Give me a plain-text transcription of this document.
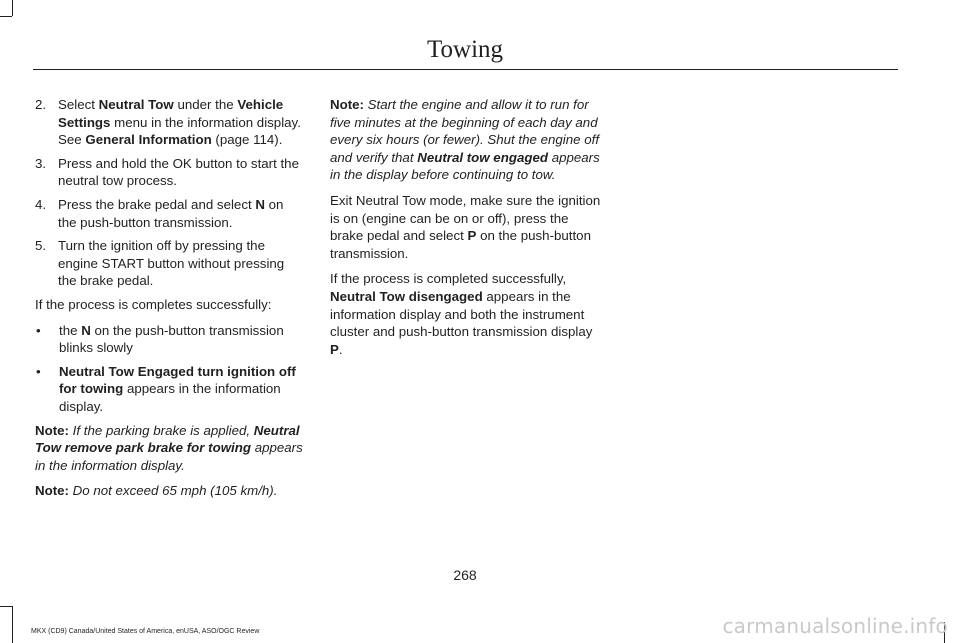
Towing
2. Select Neutral Tow under the Vehicle Settings menu in the information display. See General Information (page 114).
3. Press and hold the OK button to start the neutral tow process.
4. Press the brake pedal and select N on the push-button transmission.
5. Turn the ignition off by pressing the engine START button without pressing the brake pedal.

If the process is completes successfully:

•	the N on the push-button transmission blinks slowly
•	Neutral Tow Engaged turn ignition off for towing appears in the information display.

Note: If the parking brake is applied, Neutral Tow remove park brake for towing appears in the information display.

Note: Do not exceed 65 mph (105 km/h).

Note: Start the engine and allow it to run for five minutes at the beginning of each day and every six hours (or fewer). Shut the engine off and verify that Neutral tow engaged appears in the display before continuing to tow.

Exit Neutral Tow mode, make sure the ignition is on (engine can be on or off), press the brake pedal and select P on the push-button transmission.

If the process is completed successfully, Neutral Tow disengaged appears in the information display and both the instrument cluster and push-button transmission display P.

268
MKX (CD9) Canada/United States of America, enUSA, ASO/OGC Review	carmanualsonline.info
